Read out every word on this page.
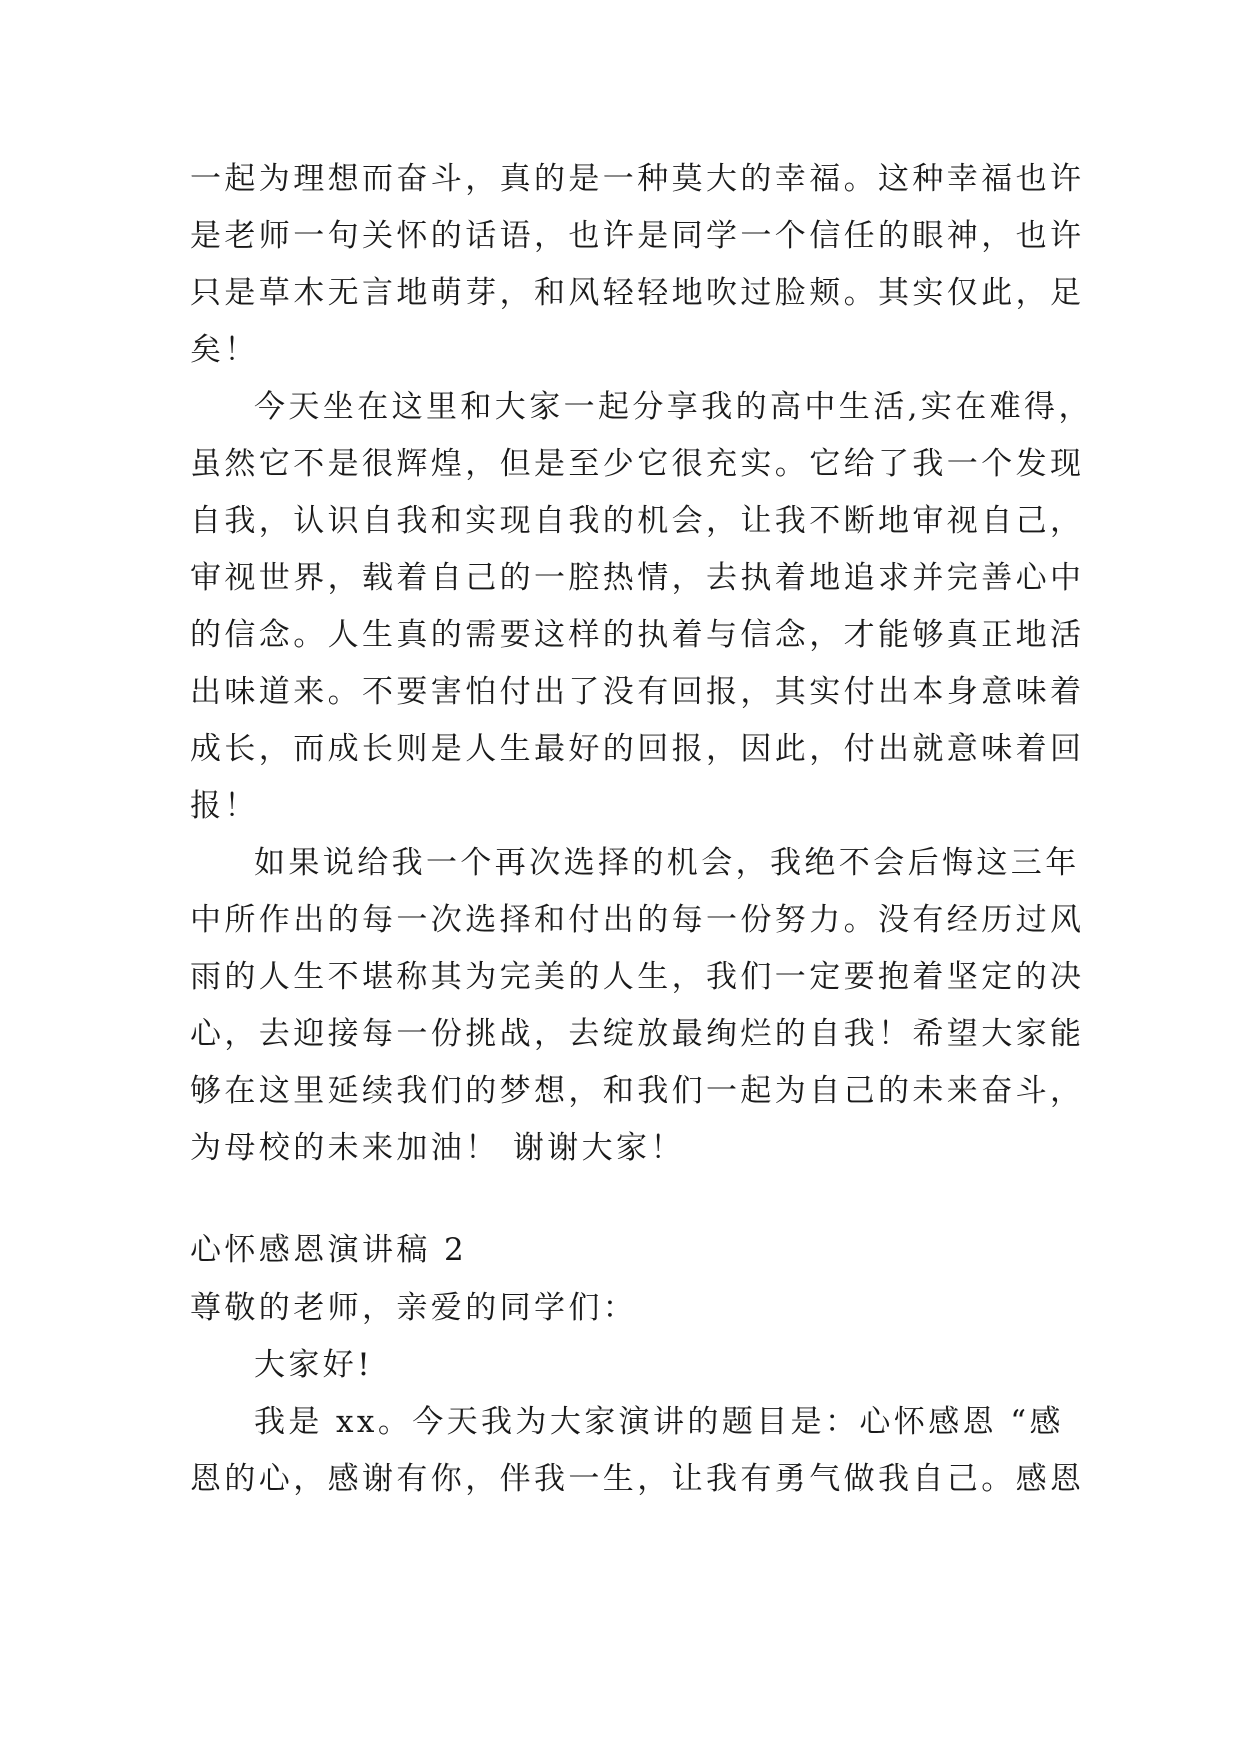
一起为理想而奋斗，真的是一种莫大的幸福。这种幸福也许
是老师一句关怀的话语，也许是同学一个信任的眼神，也许
只是草木无言地萌芽，和风轻轻地吹过脸颊。其实仅此，足
矣！
今天坐在这里和大家一起分享我的高中生活,实在难得，
虽然它不是很辉煌，但是至少它很充实。它给了我一个发现
自我，认识自我和实现自我的机会，让我不断地审视自己，
审视世界，载着自己的一腔热情，去执着地追求并完善心中
的信念。人生真的需要这样的执着与信念，才能够真正地活
出味道来。不要害怕付出了没有回报，其实付出本身意味着
成长，而成长则是人生最好的回报，因此，付出就意味着回
报！
如果说给我一个再次选择的机会，我绝不会后悔这三年
中所作出的每一次选择和付出的每一份努力。没有经历过风
雨的人生不堪称其为完美的人生，我们一定要抱着坚定的决
心，去迎接每一份挑战，去绽放最绚烂的自我！希望大家能
够在这里延续我们的梦想，和我们一起为自己的未来奋斗，
为母校的未来加油！ 谢谢大家！
心怀感恩演讲稿 2
尊敬的老师，亲爱的同学们：
大家好!
我是 xx。今天我为大家演讲的题目是：心怀感恩 “感
恩的心，感谢有你，伴我一生，让我有勇气做我自己。感恩
